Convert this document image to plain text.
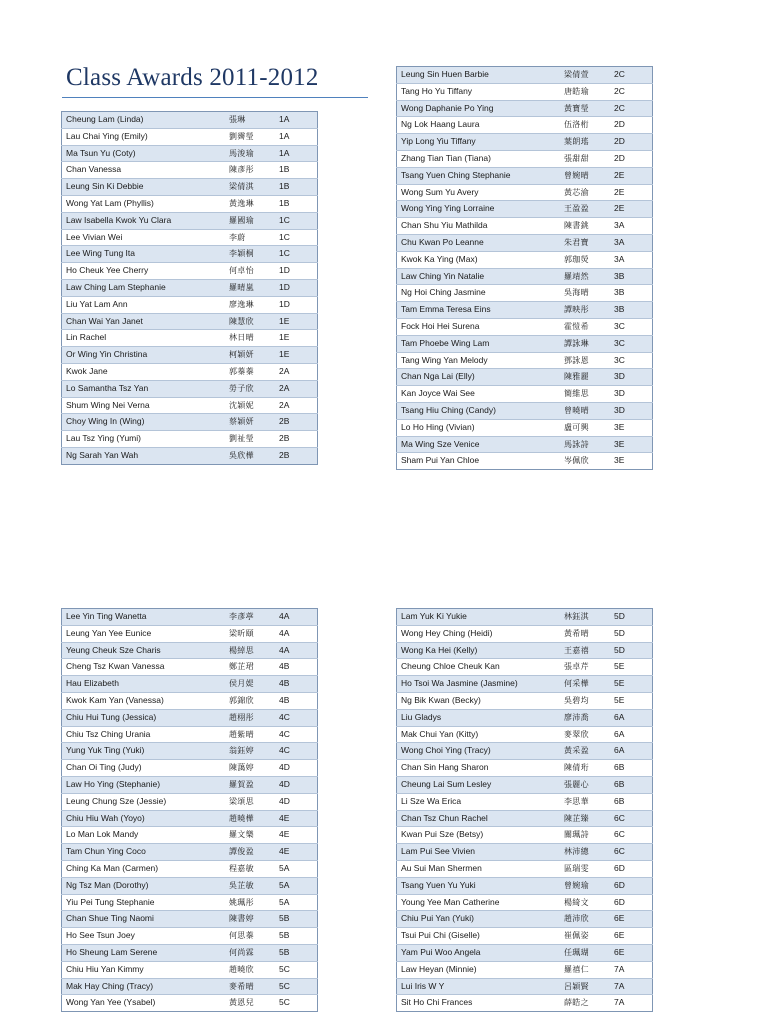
Class Awards 2011-2012
Cheung Lam (Linda)	張琳	1A
Lau Chai Ying (Emily)	劉霽瑩	1A
Ma Tsun Yu (Coty)	馬浚瑜	1A
Chan Vanessa	陳彥彤	1B
Leung Sin Ki Debbie	梁倩淇	1B
Wong Yat Lam (Phyllis)	黃逸琳	1B
Law Isabella Kwok Yu Clara	羅國瑜	1C
Lee Vivian Wei	李蔚	1C
Lee Wing Tung Ita	李穎桐	1C
Ho Cheuk Yee Cherry	何卓怡	1D
Law Ching Lam Stephanie	羅晴嵐	1D
Liu Yat Lam Ann	廖逸琳	1D
Chan Wai Yan Janet	陳慧欣	1E
Lin Rachel	林日晴	1E
Or Wing Yin Christina	柯穎妍	1E
Kwok Jane	郭蓁蓁	2A
Lo Samantha Tsz Yan	勞子欣	2A
Shum Wing Nei Verna	沈穎妮	2A
Choy Wing In (Wing)	蔡穎妍	2B
Lau Tsz Ying (Yumi)	劉祉瑩	2B
Ng Sarah Yan Wah	吳欣樺	2B
Leung Sin Huen Barbie	梁倩萱	2C
Tang Ho Yu Tiffany	唐皓瑜	2C
Wong Daphanie Po Ying	黃寶瑩	2C
Ng Lok Haang Laura	伍洛桁	2D
Yip Long Yiu Tiffany	葉朗瑤	2D
Zhang Tian Tian (Tiana)	張甜甜	2D
Tsang Yuen Ching Stephanie	曾婉晴	2E
Wong Sum Yu Avery	黃芯渝	2E
Wong Ying Ying Lorraine	王盈盈	2E
Chan Shu Yiu Mathilda	陳書銚	3A
Chu Kwan Po Leanne	朱君寶	3A
Kwok Ka Ying (Max)	郭珈熒	3A
Law Ching Yin Natalie	羅靖然	3B
Ng Hoi Ching Jasmine	吳海晴	3B
Tam Emma Teresa Eins	譚映彤	3B
Fock Hoi Hei Surena	霍愷希	3C
Tam Phoebe Wing Lam	譚詠琳	3C
Tang Wing Yan Melody	鄧詠恩	3C
Chan Nga Lai (Elly)	陳雅麗	3D
Kan Joyce Wai See	簡維思	3D
Tsang Hiu Ching (Candy)	曾曉晴	3D
Lo Ho Hing (Vivian)	盧可興	3E
Ma Wing Sze Venice	馬詠詩	3E
Sham Pui Yan Chloe	岑佩欣	3E
Lee Yin Ting Wanetta	李彥葶	4A
Leung Yan Yee Eunice	梁昕頤	4A
Yeung Cheuk Sze Charis	楊綽思	4A
Cheng Tsz Kwan Vanessa	鄭芷珺	4B
Hau Elizabeth	侯月媞	4B
Kwok Kam Yan (Vanessa)	郭錦欣	4B
Chiu Hui Tung (Jessica)	趙栩彤	4C
Chiu Tsz Ching Urania	趙紫晴	4C
Yung Yuk Ting (Yuki)	翁鈺婷	4C
Chan Oi Ting (Judy)	陳藹婷	4D
Law Ho Ying (Stephanie)	羅賀盈	4D
Leung Chung Sze (Jessie)	梁頌思	4D
Chiu Hiu Wah (Yoyo)	趙曉樺	4E
Lo Man Lok Mandy	羅文樂	4E
Tam Chun Ying Coco	譚俊盈	4E
Ching Ka Man (Carmen)	程嘉敏	5A
Ng Tsz Man (Dorothy)	吳芷敏	5A
Yiu Pei Tung Stephanie	姚珮彤	5A
Chan Shue Ting Naomi	陳書婷	5B
Ho See Tsun Joey	何思蓁	5B
Ho Sheung Lam Serene	何尚霖	5B
Chiu Hiu Yan Kimmy	趙曉欣	5C
Mak Hay Ching (Tracy)	麥希晴	5C
Wong Yan Yee (Ysabel)	黃恩兒	5C
Lam Yuk Ki Yukie	林鈺淇	5D
Wong Hey Ching (Heidi)	黃希晴	5D
Wong Ka Hei (Kelly)	王嘉禧	5D
Cheung Chloe Cheuk Kan	張卓芹	5E
Ho Tsoi Wa Jasmine (Jasmine)	何采樺	5E
Ng Bik Kwan (Becky)	吳碧均	5E
Liu Gladys	廖沛喬	6A
Mak Chui Yan (Kitty)	麥翠欣	6A
Wong Choi Ying (Tracy)	黃采盈	6A
Chan Sin Hang Sharon	陳倩珩	6B
Cheung Lai Sum Lesley	張麗心	6B
Li Sze Wa Erica	李思華	6B
Chan Tsz Chun Rachel	陳芷臻	6C
Kwan Pui Sze (Betsy)	關珮詩	6C
Lam Pui See Vivien	林沛總	6C
Au Sui Man Shermen	區瑞雯	6D
Tsang Yuen Yu Yuki	曾婉瑜	6D
Young Yee Man Catherine	楊綺文	6D
Chiu Pui Yan (Yuki)	趙沛欣	6E
Tsui Pui Chi (Giselle)	崔佩姿	6E
Yam Pui Woo Angela	任珮瑚	6E
Law Heyan (Minnie)	羅禧仁	7A
Lui Iris W Y	呂穎賢	7A
Sit Ho Chi Frances	薛皓之	7A
